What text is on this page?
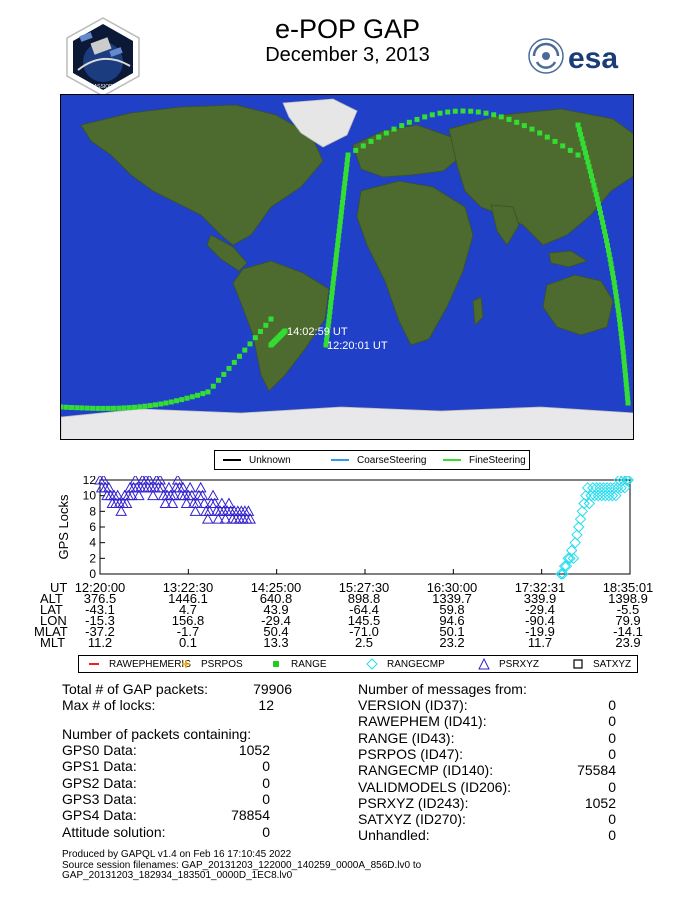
e-POP GAP
December 3, 2013
CASSIOPE
esa
14:02:59 UT
12:20:01 UT
Unknown	CoarseSteering	FineSteering
GPS Locks
0
2
4
6
8
10
12
UT 12:20:00	13:22:30	14:25:00	15:27:30	16:30:00	17:32:31	18:35:01
ALT	376.5	1446.1	640.8	898.8	1339.7	339.9	1398.9
LAT	-43.1	4.7	43.9	-64.4	59.8	-29.4	-5.5
LON	-15.3	156.8	-29.4	145.5	94.6	-90.4	79.9
MLAT	-37.2	-1.7	50.4	-71.0	50.1	-19.9	-14.1
MLT	11.2	0.1	13.3	2.5	23.2	11.7	23.9
RAWEPHEMERIS PSRPOS	RANGE	RANGECMP	PSRXYZ	SATXYZ
Total # of GAP packets:	79906
Max # of locks:	12
Number of packets containing:
GPS0 Data:	1052
GPS1 Data:	0
GPS2 Data:	0
GPS3 Data:	0
GPS4 Data:	78854
Attitude solution:	0
Number of messages from:
VERSION (ID37):	0
RAWEPHEM (ID41):	0
RANGE (ID43):	0
PSRPOS (ID47):	0
RANGECMP (ID140):	75584
VALIDMODELS (ID206):	0
PSRXYZ (ID243):	1052
SATXYZ (ID270):	0
Unhandled:	0
Produced by GAPQL v1.4 on Feb 16 17:10:45 2022
Source session filenames: GAP_20131203_122000_140259_0000A_856D.lv0 to
GAP_20131203_182934_183501_0000D_1EC8.lv0
